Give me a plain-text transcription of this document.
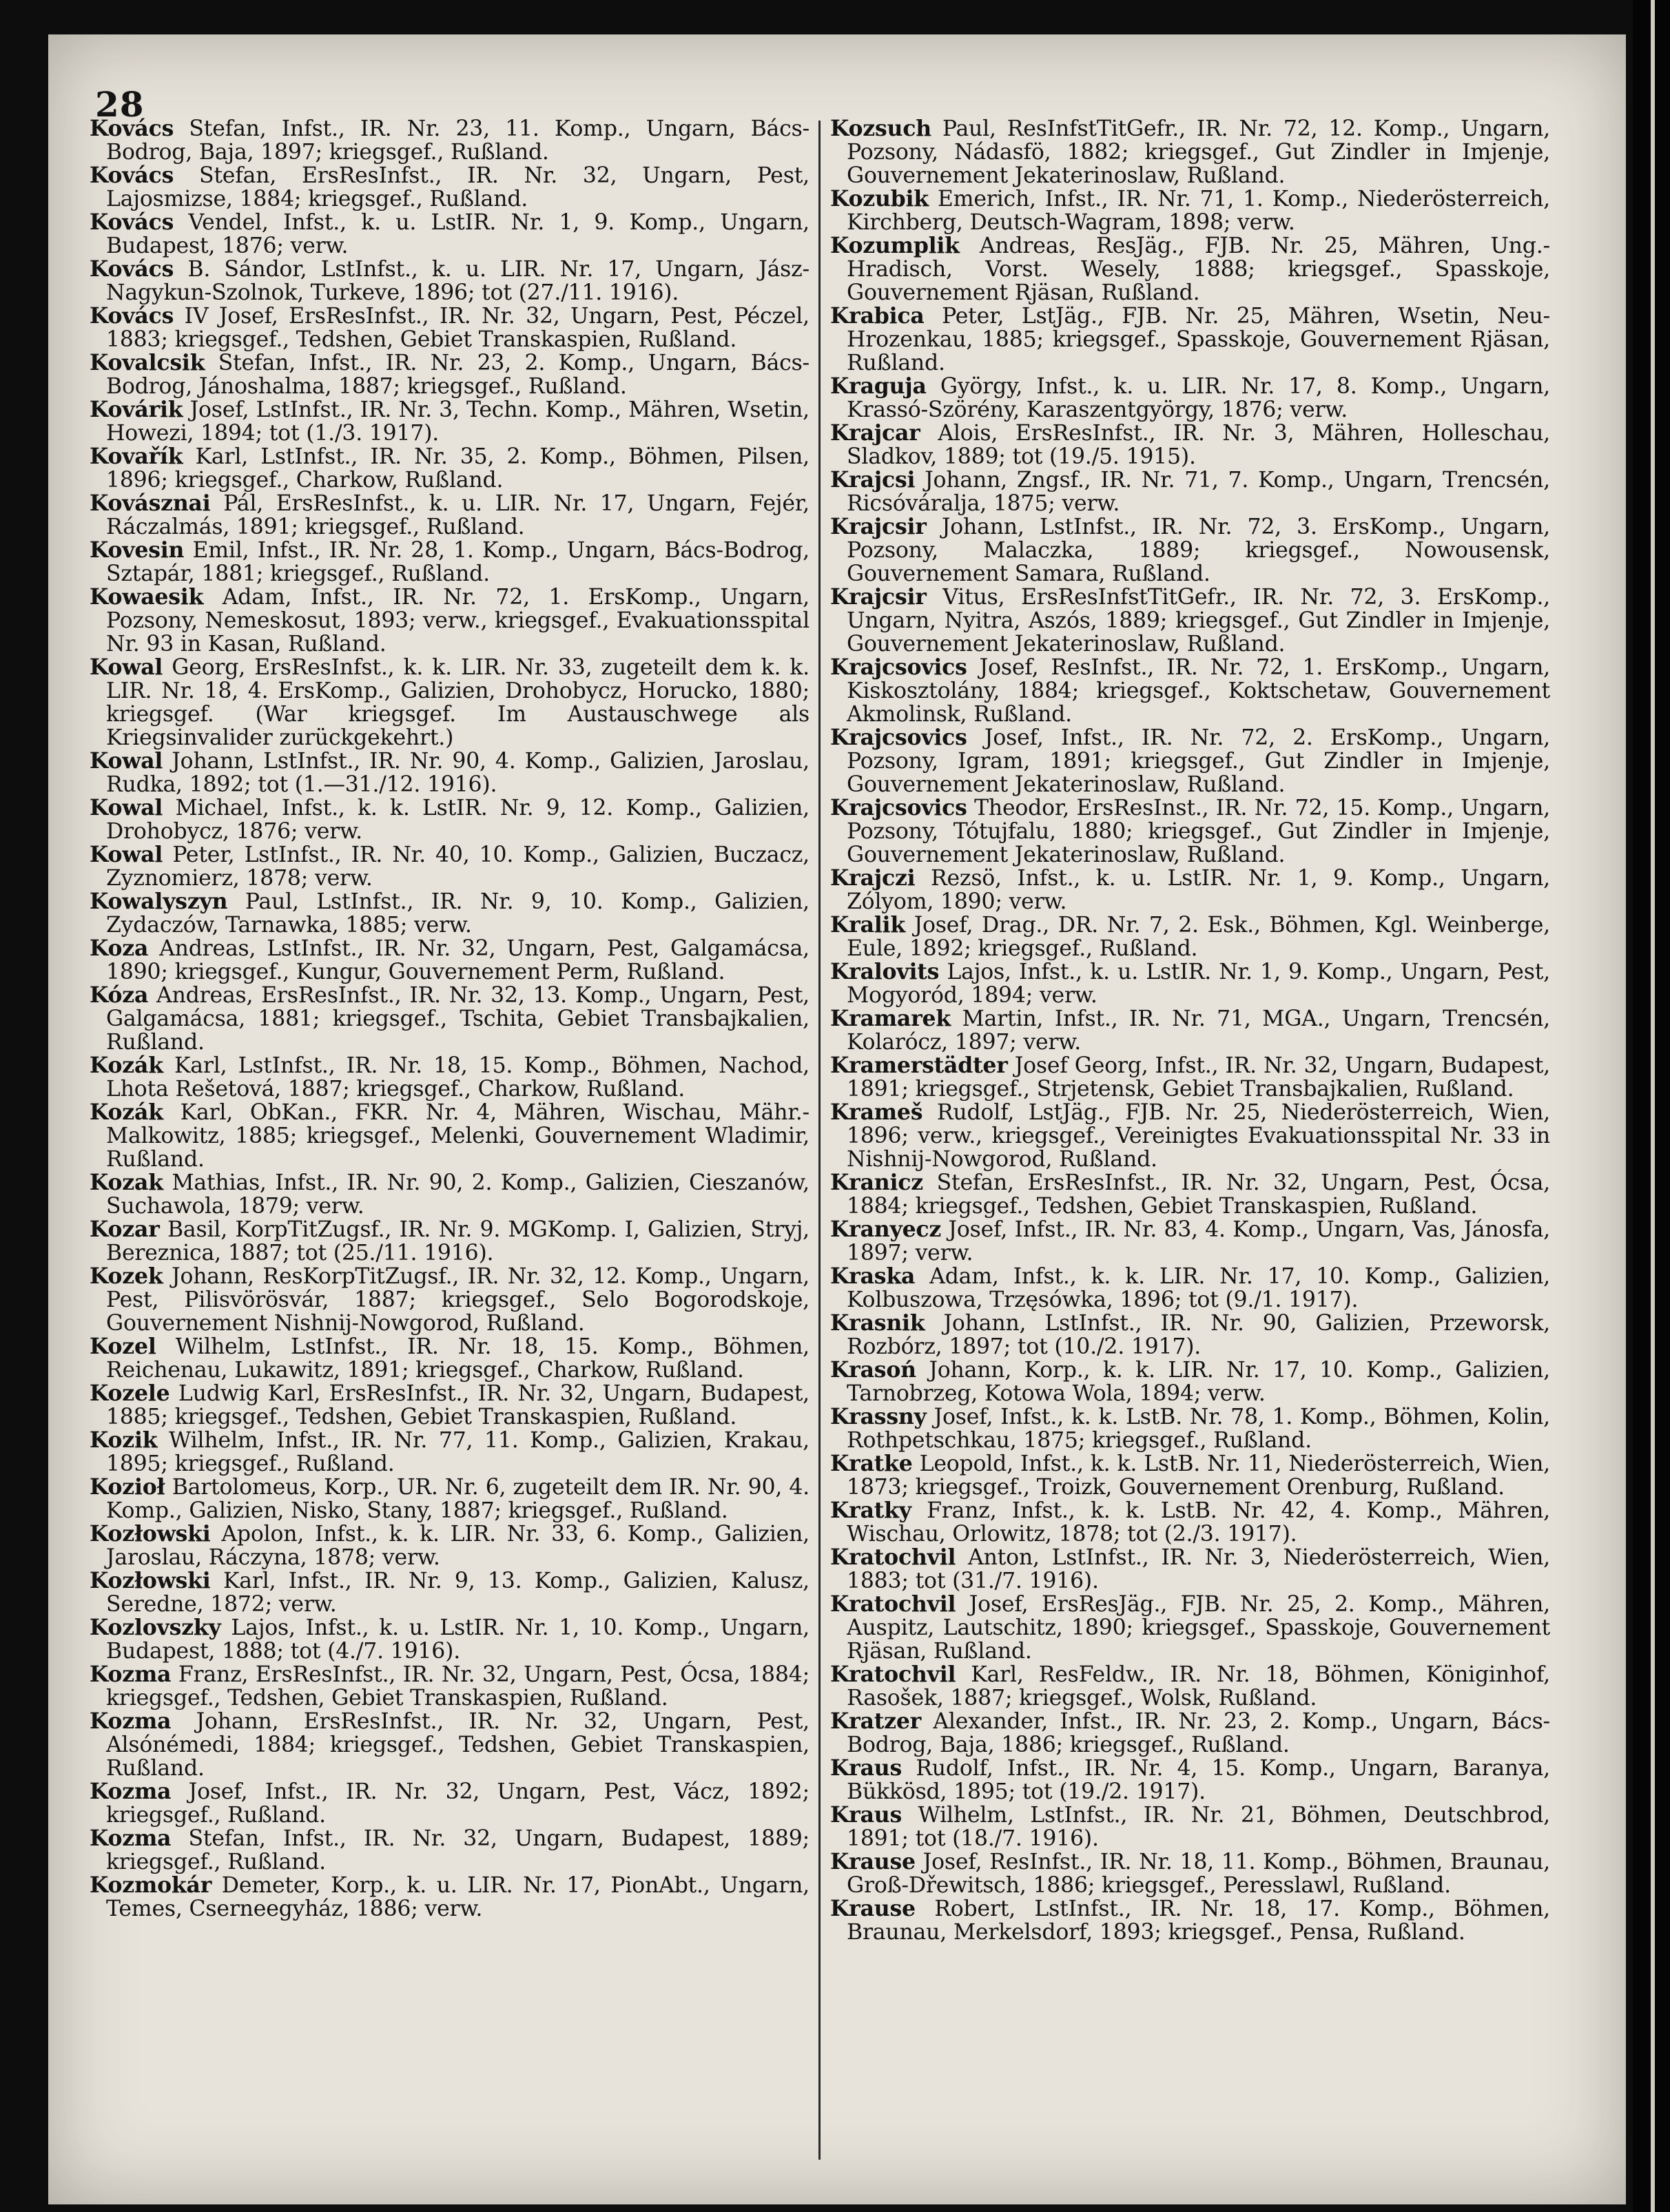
28

Kovács Stefan, Infst., IR. Nr. 23, 11. Komp., Ungarn, Bács-Bodrog, Baja, 1897; kriegsgef., Rußland.

Kovács Stefan, ErsResInfst., IR. Nr. 32, Ungarn, Pest, Lajosmizse, 1884; kriegsgef., Rußland.

Kovács Vendel, Infst., k. u. LstIR. Nr. 1, 9. Komp., Ungarn, Budapest, 1876; verw.

Kovács B. Sándor, LstInfst., k. u. LIR. Nr. 17, Ungarn, Jász-Nagykun-Szolnok, Turkeve, 1896; tot (27./11. 1916).

Kovács IV Josef, ErsResInfst., IR. Nr. 32, Ungarn, Pest, Péczel, 1883; kriegsgef., Tedshen, Gebiet Transkaspien, Rußland.

Kovalcsik Stefan, Infst., IR. Nr. 23, 2. Komp., Ungarn, Bács-Bodrog, Jánoshalma, 1887; kriegsgef., Rußland.

Kovárik Josef, LstInfst., IR. Nr. 3, Techn. Komp., Mähren, Wsetin, Howezi, 1894; tot (1./3. 1917).

Kovařík Karl, LstInfst., IR. Nr. 35, 2. Komp., Böhmen, Pilsen, 1896; kriegsgef., Charkow, Rußland.

Kovásznai Pál, ErsResInfst., k. u. LIR. Nr. 17, Ungarn, Fejér, Ráczalmás, 1891; kriegsgef., Rußland.

Kovesin Emil, Infst., IR. Nr. 28, 1. Komp., Ungarn, Bács-Bodrog, Sztapár, 1881; kriegsgef., Rußland.

Kowaesik Adam, Infst., IR. Nr. 72, 1. ErsKomp., Ungarn, Pozsony, Nemeskosut, 1893; verw., kriegsgef., Evakuationsspital Nr. 93 in Kasan, Rußland.

Kowal Georg, ErsResInfst., k. k. LIR. Nr. 33, zugeteilt dem k. k. LIR. Nr. 18, 4. ErsKomp., Galizien, Drohobycz, Horucko, 1880; kriegsgef. (War kriegsgef. Im Austauschwege als Kriegsinvalider zurückgekehrt.)

Kowal Johann, LstInfst., IR. Nr. 90, 4. Komp., Galizien, Jaroslau, Rudka, 1892; tot (1.—31./12. 1916).

Kowal Michael, Infst., k. k. LstIR. Nr. 9, 12. Komp., Galizien, Drohobycz, 1876; verw.

Kowal Peter, LstInfst., IR. Nr. 40, 10. Komp., Galizien, Buczacz, Zyznomierz, 1878; verw.

Kowalyszyn Paul, LstInfst., IR. Nr. 9, 10. Komp., Galizien, Zydaczów, Tarnawka, 1885; verw.

Koza Andreas, LstInfst., IR. Nr. 32, Ungarn, Pest, Galgamácsa, 1890; kriegsgef., Kungur, Gouvernement Perm, Rußland.

Kóza Andreas, ErsResInfst., IR. Nr. 32, 13. Komp., Ungarn, Pest, Galgamácsa, 1881; kriegsgef., Tschita, Gebiet Transbajkalien, Rußland.

Kozák Karl, LstInfst., IR. Nr. 18, 15. Komp., Böhmen, Nachod, Lhota Rešetová, 1887; kriegsgef., Charkow, Rußland.

Kozák Karl, ObKan., FKR. Nr. 4, Mähren, Wischau, Mähr.-Malkowitz, 1885; kriegsgef., Melenki, Gouvernement Wladimir, Rußland.

Kozak Mathias, Infst., IR. Nr. 90, 2. Komp., Galizien, Cieszanów, Suchawola, 1879; verw.

Kozar Basil, KorpTitZugsf., IR. Nr. 9. MGKomp. I, Galizien, Stryj, Bereznica, 1887; tot (25./11. 1916).

Kozek Johann, ResKorpTitZugsf., IR. Nr. 32, 12. Komp., Ungarn, Pest, Pilisvörösvár, 1887; kriegsgef., Selo Bogorodskoje, Gouvernement Nishnij-Nowgorod, Rußland.

Kozel Wilhelm, LstInfst., IR. Nr. 18, 15. Komp., Böhmen, Reichenau, Lukawitz, 1891; kriegsgef., Charkow, Rußland.

Kozele Ludwig Karl, ErsResInfst., IR. Nr. 32, Ungarn, Budapest, 1885; kriegsgef., Tedshen, Gebiet Transkaspien, Rußland.

Kozik Wilhelm, Infst., IR. Nr. 77, 11. Komp., Galizien, Krakau, 1895; kriegsgef., Rußland.

Kozioł Bartolomeus, Korp., UR. Nr. 6, zugeteilt dem IR. Nr. 90, 4. Komp., Galizien, Nisko, Stany, 1887; kriegsgef., Rußland.

Kozłowski Apolon, Infst., k. k. LIR. Nr. 33, 6. Komp., Galizien, Jaroslau, Ráczyna, 1878; verw.

Kozłowski Karl, Infst., IR. Nr. 9, 13. Komp., Galizien, Kalusz, Seredne, 1872; verw.

Kozlovszky Lajos, Infst., k. u. LstIR. Nr. 1, 10. Komp., Ungarn, Budapest, 1888; tot (4./7. 1916).

Kozma Franz, ErsResInfst., IR. Nr. 32, Ungarn, Pest, Ócsa, 1884; kriegsgef., Tedshen, Gebiet Transkaspien, Rußland.

Kozma Johann, ErsResInfst., IR. Nr. 32, Ungarn, Pest, Alsónémedi, 1884; kriegsgef., Tedshen, Gebiet Transkaspien, Rußland.

Kozma Josef, Infst., IR. Nr. 32, Ungarn, Pest, Vácz, 1892; kriegsgef., Rußland.

Kozma Stefan, Infst., IR. Nr. 32, Ungarn, Budapest, 1889; kriegsgef., Rußland.

Kozmokár Demeter, Korp., k. u. LIR. Nr. 17, PionAbt., Ungarn, Temes, Cserneegyház, 1886; verw.

Kozsuch Paul, ResInfstTitGefr., IR. Nr. 72, 12. Komp., Ungarn, Pozsony, Nádasfö, 1882; kriegsgef., Gut Zindler in Imjenje, Gouvernement Jekaterinoslaw, Rußland.

Kozubik Emerich, Infst., IR. Nr. 71, 1. Komp., Niederösterreich, Kirchberg, Deutsch-Wagram, 1898; verw.

Kozumplik Andreas, ResJäg., FJB. Nr. 25, Mähren, Ung.-Hradisch, Vorst. Wesely, 1888; kriegsgef., Spasskoje, Gouvernement Rjäsan, Rußland.

Krabica Peter, LstJäg., FJB. Nr. 25, Mähren, Wsetin, Neu-Hrozenkau, 1885; kriegsgef., Spasskoje, Gouvernement Rjäsan, Rußland.

Kraguja György, Infst., k. u. LIR. Nr. 17, 8. Komp., Ungarn, Krassó-Szörény, Karaszentgyörgy, 1876; verw.

Krajcar Alois, ErsResInfst., IR. Nr. 3, Mähren, Holleschau, Sladkov, 1889; tot (19./5. 1915).

Krajcsi Johann, Zngsf., IR. Nr. 71, 7. Komp., Ungarn, Trencsén, Ricsóváralja, 1875; verw.

Krajcsir Johann, LstInfst., IR. Nr. 72, 3. ErsKomp., Ungarn, Pozsony, Malaczka, 1889; kriegsgef., Nowousensk, Gouvernement Samara, Rußland.

Krajcsir Vitus, ErsResInfstTitGefr., IR. Nr. 72, 3. ErsKomp., Ungarn, Nyitra, Aszós, 1889; kriegsgef., Gut Zindler in Imjenje, Gouvernement Jekaterinoslaw, Rußland.

Krajcsovics Josef, ResInfst., IR. Nr. 72, 1. ErsKomp., Ungarn, Kiskosztolány, 1884; kriegsgef., Koktschetaw, Gouvernement Akmolinsk, Rußland.

Krajcsovics Josef, Infst., IR. Nr. 72, 2. ErsKomp., Ungarn, Pozsony, Igram, 1891; kriegsgef., Gut Zindler in Imjenje, Gouvernement Jekaterinoslaw, Rußland.

Krajcsovics Theodor, ErsResInst., IR. Nr. 72, 15. Komp., Ungarn, Pozsony, Tótujfalu, 1880; kriegsgef., Gut Zindler in Imjenje, Gouvernement Jekaterinoslaw, Rußland.

Krajczi Rezsö, Infst., k. u. LstIR. Nr. 1, 9. Komp., Ungarn, Zólyom, 1890; verw.

Kralik Josef, Drag., DR. Nr. 7, 2. Esk., Böhmen, Kgl. Weinberge, Eule, 1892; kriegsgef., Rußland.

Kralovits Lajos, Infst., k. u. LstIR. Nr. 1, 9. Komp., Ungarn, Pest, Mogyoród, 1894; verw.

Kramarek Martin, Infst., IR. Nr. 71, MGA., Ungarn, Trencsén, Kolarócz, 1897; verw.

Kramerstädter Josef Georg, Infst., IR. Nr. 32, Ungarn, Budapest, 1891; kriegsgef., Strjetensk, Gebiet Transbajkalien, Rußland.

Krameš Rudolf, LstJäg., FJB. Nr. 25, Niederösterreich, Wien, 1896; verw., kriegsgef., Vereinigtes Evakuationsspital Nr. 33 in Nishnij-Nowgorod, Rußland.

Kranicz Stefan, ErsResInfst., IR. Nr. 32, Ungarn, Pest, Ócsa, 1884; kriegsgef., Tedshen, Gebiet Transkaspien, Rußland.

Kranyecz Josef, Infst., IR. Nr. 83, 4. Komp., Ungarn, Vas, Jánosfa, 1897; verw.

Kraska Adam, Infst., k. k. LIR. Nr. 17, 10. Komp., Galizien, Kolbuszowa, Trzęsówka, 1896; tot (9./1. 1917).

Krasnik Johann, LstInfst., IR. Nr. 90, Galizien, Przeworsk, Rozbórz, 1897; tot (10./2. 1917).

Krasoń Johann, Korp., k. k. LIR. Nr. 17, 10. Komp., Galizien, Tarnobrzeg, Kotowa Wola, 1894; verw.

Krassny Josef, Infst., k. k. LstB. Nr. 78, 1. Komp., Böhmen, Kolin, Rothpetschkau, 1875; kriegsgef., Rußland.

Kratke Leopold, Infst., k. k. LstB. Nr. 11, Niederösterreich, Wien, 1873; kriegsgef., Troizk, Gouvernement Orenburg, Rußland.

Kratky Franz, Infst., k. k. LstB. Nr. 42, 4. Komp., Mähren, Wischau, Orlowitz, 1878; tot (2./3. 1917).

Kratochvil Anton, LstInfst., IR. Nr. 3, Niederösterreich, Wien, 1883; tot (31./7. 1916).

Kratochvil Josef, ErsResJäg., FJB. Nr. 25, 2. Komp., Mähren, Auspitz, Lautschitz, 1890; kriegsgef., Spasskoje, Gouvernement Rjäsan, Rußland.

Kratochvil Karl, ResFeldw., IR. Nr. 18, Böhmen, Königinhof, Rasošek, 1887; kriegsgef., Wolsk, Rußland.

Kratzer Alexander, Infst., IR. Nr. 23, 2. Komp., Ungarn, Bács-Bodrog, Baja, 1886; kriegsgef., Rußland.

Kraus Rudolf, Infst., IR. Nr. 4, 15. Komp., Ungarn, Baranya, Bükkösd, 1895; tot (19./2. 1917).

Kraus Wilhelm, LstInfst., IR. Nr. 21, Böhmen, Deutschbrod, 1891; tot (18./7. 1916).

Krause Josef, ResInfst., IR. Nr. 18, 11. Komp., Böhmen, Braunau, Groß-Dřewitsch, 1886; kriegsgef., Peresslawl, Rußland.

Krause Robert, LstInfst., IR. Nr. 18, 17. Komp., Böhmen, Braunau, Merkelsdorf, 1893; kriegsgef., Pensa, Rußland.
